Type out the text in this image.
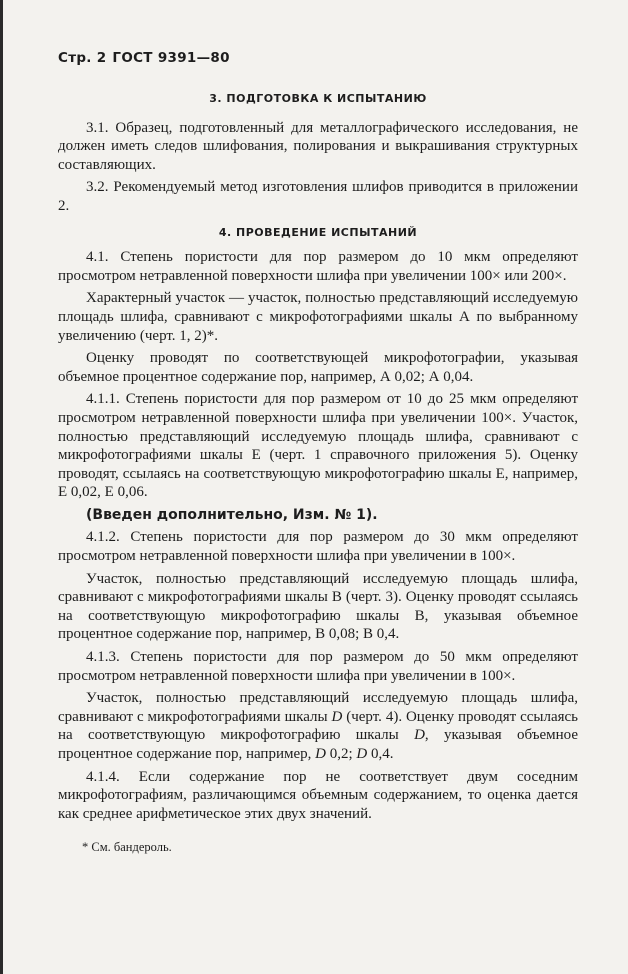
Стр. 2 ГОСТ 9391—80
3. ПОДГОТОВКА К ИСПЫТАНИЮ

3.1. Образец, подготовленный для металлографического исследования, не должен иметь следов шлифования, полирования и выкрашивания структурных составляющих.

3.2. Рекомендуемый метод изготовления шлифов приводится в приложении 2.

4. ПРОВЕДЕНИЕ ИСПЫТАНИЙ

4.1. Степень пористости для пор размером до 10 мкм определяют просмотром нетравленной поверхности шлифа при увеличении 100× или 200×.

Характерный участок — участок, полностью представляющий исследуемую площадь шлифа, сравнивают с микрофотографиями шкалы А по выбранному увеличению (черт. 1, 2)*.

Оценку проводят по соответствующей микрофотографии, указывая объемное процентное содержание пор, например, А 0,02; А 0,04.

4.1.1. Степень пористости для пор размером от 10 до 25 мкм определяют просмотром нетравленной поверхности шлифа при увеличении 100×. Участок, полностью представляющий исследуемую площадь шлифа, сравнивают с микрофотографиями шкалы Е (черт. 1 справочного приложения 5). Оценку проводят, ссылаясь на соответствующую микрофотографию шкалы Е, например, Е 0,02, Е 0,06.

(Введен дополнительно, Изм. № 1).

4.1.2. Степень пористости для пор размером до 30 мкм определяют просмотром нетравленной поверхности шлифа при увеличении в 100×.

Участок, полностью представляющий исследуемую площадь шлифа, сравнивают с микрофотографиями шкалы В (черт. 3). Оценку проводят ссылаясь на соответствующую микрофотографию шкалы В, указывая объемное процентное содержание пор, например, В 0,08; В 0,4.

4.1.3. Степень пористости для пор размером до 50 мкм определяют просмотром нетравленной поверхности шлифа при увеличении в 100×.

Участок, полностью представляющий исследуемую площадь шлифа, сравнивают с микрофотографиями шкалы D (черт. 4). Оценку проводят ссылаясь на соответствующую микрофотографию шкалы D, указывая объемное процентное содержание пор, например, D 0,2; D 0,4.

4.1.4. Если содержание пор не соответствует двум соседним микрофотографиям, различающимся объемным содержанием, то оценка дается как среднее арифметическое этих двух значений.

* См. бандероль.
